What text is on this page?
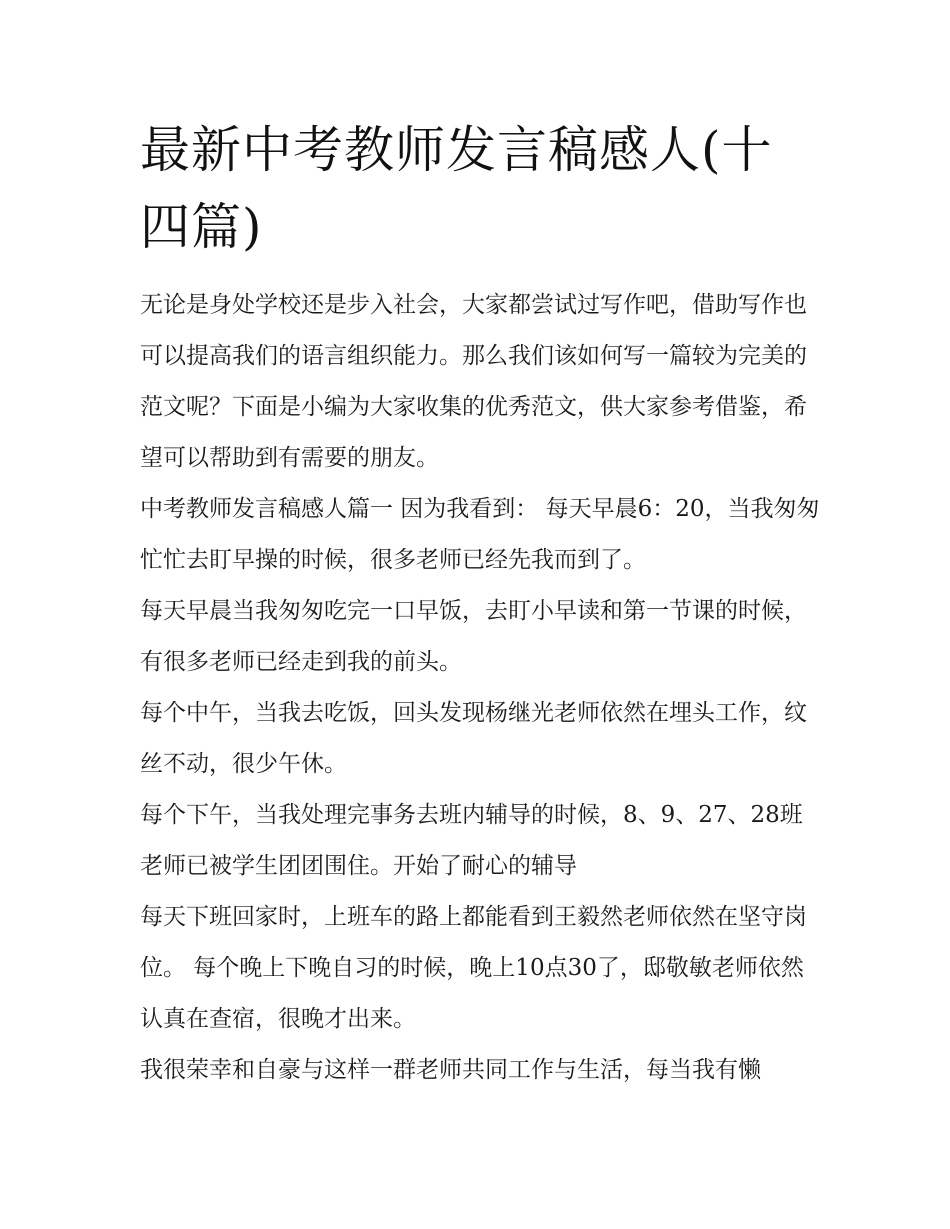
最新中考教师发言稿感人(十四篇)

无论是身处学校还是步入社会，大家都尝试过写作吧，借助写作也可以提高我们的语言组织能力。那么我们该如何写一篇较为完美的范文呢？下面是小编为大家收集的优秀范文，供大家参考借鉴，希望可以帮助到有需要的朋友。

中考教师发言稿感人篇一 因为我看到： 每天早晨6：20，当我匆匆忙忙去盯早操的时候，很多老师已经先我而到了。

每天早晨当我匆匆吃完一口早饭，去盯小早读和第一节课的时候，有很多老师已经走到我的前头。

每个中午，当我去吃饭，回头发现杨继光老师依然在埋头工作，纹丝不动，很少午休。

每个下午，当我处理完事务去班内辅导的时候，8、9、27、28班老师已被学生团团围住。开始了耐心的辅导

每天下班回家时，上班车的路上都能看到王毅然老师依然在坚守岗位。 每个晚上下晚自习的时候，晚上10点30了，邸敬敏老师依然认真在查宿，很晚才出来。

我很荣幸和自豪与这样一群老师共同工作与生活，每当我有懒
